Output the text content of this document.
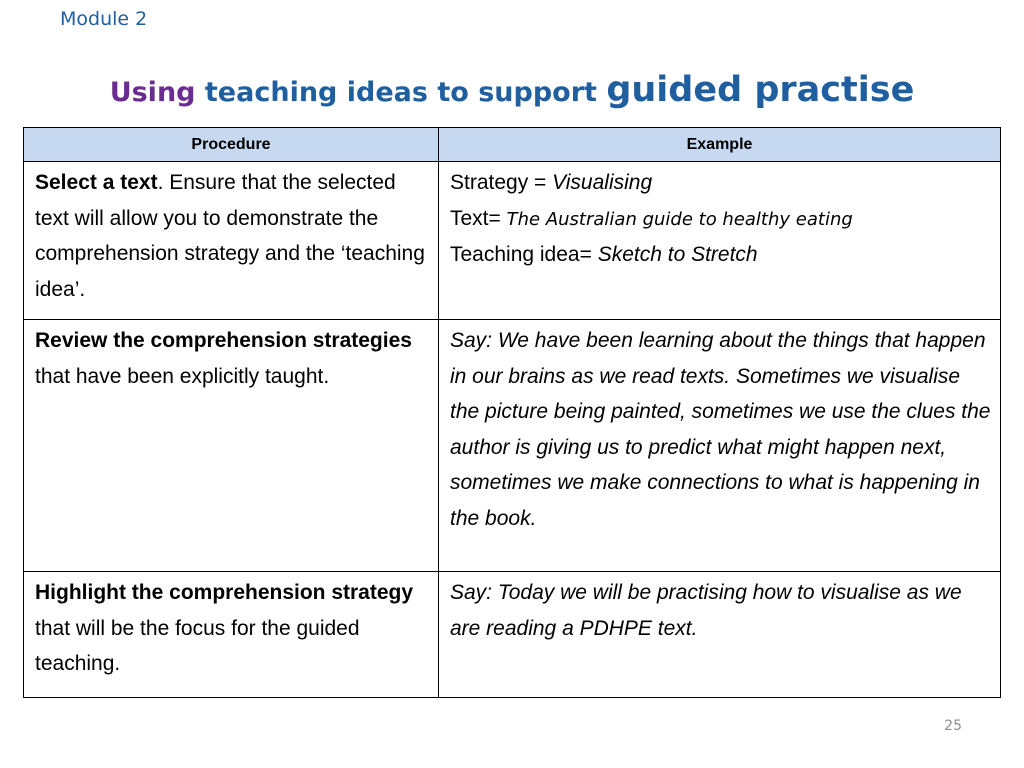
Module 2
Using teaching ideas to support guided practise
Procedure	Example
Select a text. Ensure that the selected text will allow you to demonstrate the comprehension strategy and the ‘teaching idea’.	Strategy = Visualising
Text= The Australian guide to healthy eating
Teaching idea= Sketch to Stretch

Review the comprehension strategies that have been explicitly taught.	Say: We have been learning about the things that happen in our brains as we read texts. Sometimes we visualise the picture being painted, sometimes we use the clues the author is giving us to predict what might happen next, sometimes we make connections to what is happening in the book.
Highlight the comprehension strategy that will be the focus for the guided teaching.	Say: Today we will be practising how to visualise as we are reading a PDHPE text.
25
